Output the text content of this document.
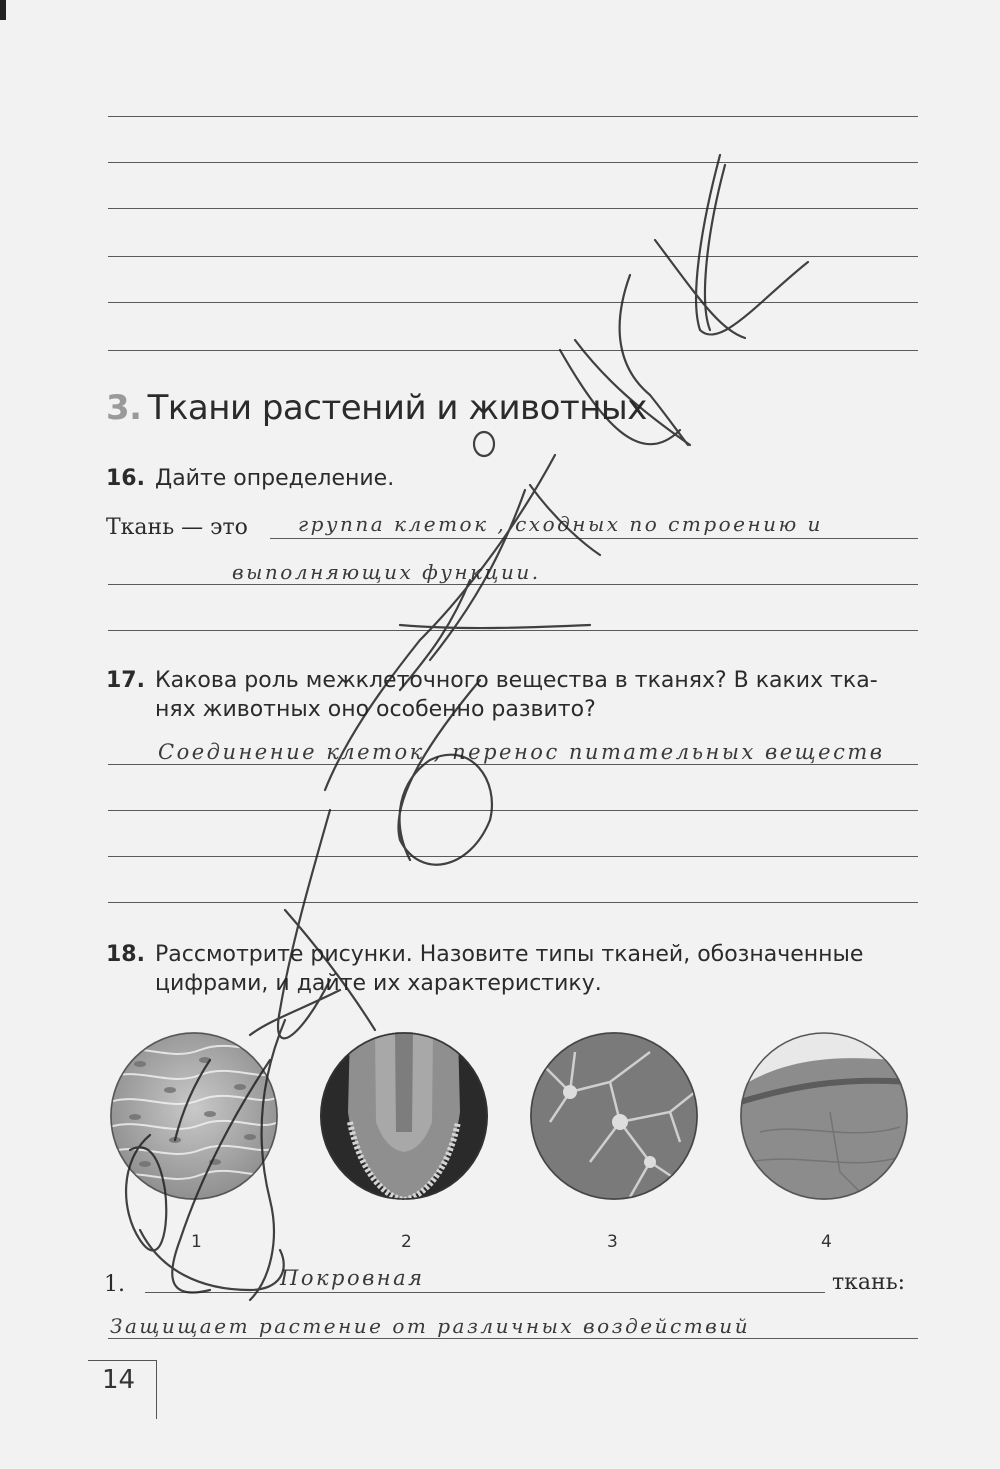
3. Ткани растений и животных
16. Дайте определение.
Ткань — это	группа клеток , сходных по строению и
выполняющих функции.
17. Какова роль межклеточного вещества в тканях? В каких тка-
нях животных оно особенно развито?
Соединение клеток , перенос питательных веществ
18. Рассмотрите рисунки. Назовите типы тканей, обозначенные
цифрами, и дайте их характеристику.
1	2	3	4
1.	Покровная	ткань:
Защищает растение от различных воздействий
14
